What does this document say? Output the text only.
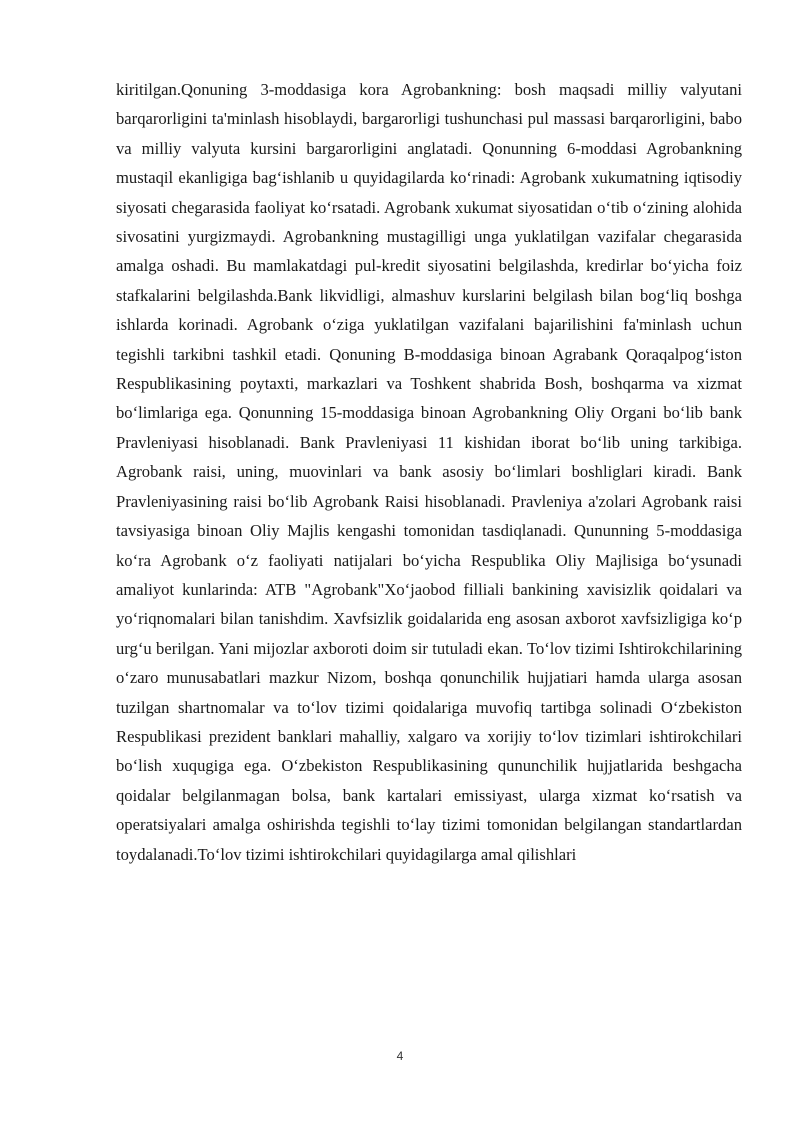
kiritilgan.Qonuning 3-moddasiga kora Agrobankning: bosh maqsadi milliy valyutani barqarorligini ta'minlash hisoblaydi, bargarorligi tushunchasi pul massasi barqarorligini, babo va milliy valyuta kursini bargarorligini anglatadi. Qonunning 6-moddasi Agrobankning mustaqil ekanligiga bag‘ishlanib u quyidagilarda ko‘rinadi: Agrobank xukumatning iqtisodiy siyosati chegarasida faoliyat ko‘rsatadi. Agrobank xukumat siyosatidan o‘tib o‘zining alohida sivosatini yurgizmaydi. Agrobankning mustagilligi unga yuklatilgan vazifalar chegarasida amalga oshadi. Bu mamlakatdagi pul-kredit siyosatini belgilashda, kredirlar bo‘yicha foiz stafkalarini belgilashda.Bank likvidligi, almashuv kurslarini belgilash bilan bog‘liq boshga ishlarda korinadi. Agrobank o‘ziga yuklatilgan vazifalani bajarilishini fa'minlash uchun tegishli tarkibni tashkil etadi. Qonuning B-moddasiga binoan Agrabank Qoraqalpog‘iston Respublikasining poytaxti, markazlari va Toshkent shabrida Bosh, boshqarma va xizmat bo‘limlariga ega. Qonunning 15-moddasiga binoan Agrobankning Oliy Organi bo‘lib bank Pravleniyasi hisoblanadi. Bank Pravleniyasi 11 kishidan iborat bo‘lib uning tarkibiga. Agrobank raisi, uning, muovinlari va bank asosiy bo‘limlari boshliglari kiradi. Bank Pravleniyasining raisi bo‘lib Agrobank Raisi hisoblanadi. Pravleniya a'zolari Agrobank raisi tavsiyasiga binoan Oliy Majlis kengashi tomonidan tasdiqlanadi. Qununning 5-moddasiga ko‘ra Agrobank o‘z faoliyati natijalari bo‘yicha Respublika Oliy Majlisiga bo‘ysunadi amaliyot kunlarinda: ATB "Agrobank"Xo‘jaobod filliali bankining xavisizlik qoidalari va yo‘riqnomalari bilan tanishdim. Xavfsizlik goidalarida eng asosan axborot xavfsizligiga ko‘p urg‘u berilgan. Yani mijozlar axboroti doim sir tutuladi ekan. To‘lov tizimi Ishtirokchilarining o‘zaro munusabatlari mazkur Nizom, boshqa qonunchilik hujjatiari hamda ularga asosan tuzilgan shartnomalar va to‘lov tizimi qoidalariga muvofiq tartibga solinadi O‘zbekiston Respublikasi prezident banklari mahalliy, xalgaro va xorijiy to‘lov tizimlari ishtirokchilari bo‘lish xuqugiga ega. O‘zbekiston Respublikasining qununchilik hujjatlarida beshgacha qoidalar belgilanmagan bolsa, bank kartalari emissiyast, ularga xizmat ko‘rsatish va operatsiyalari amalga oshirishda tegishli to‘lay tizimi tomonidan belgilangan standartlardan toydalanadi.To‘lov tizimi ishtirokchilari quyidagilarga amal qilishlari

4
